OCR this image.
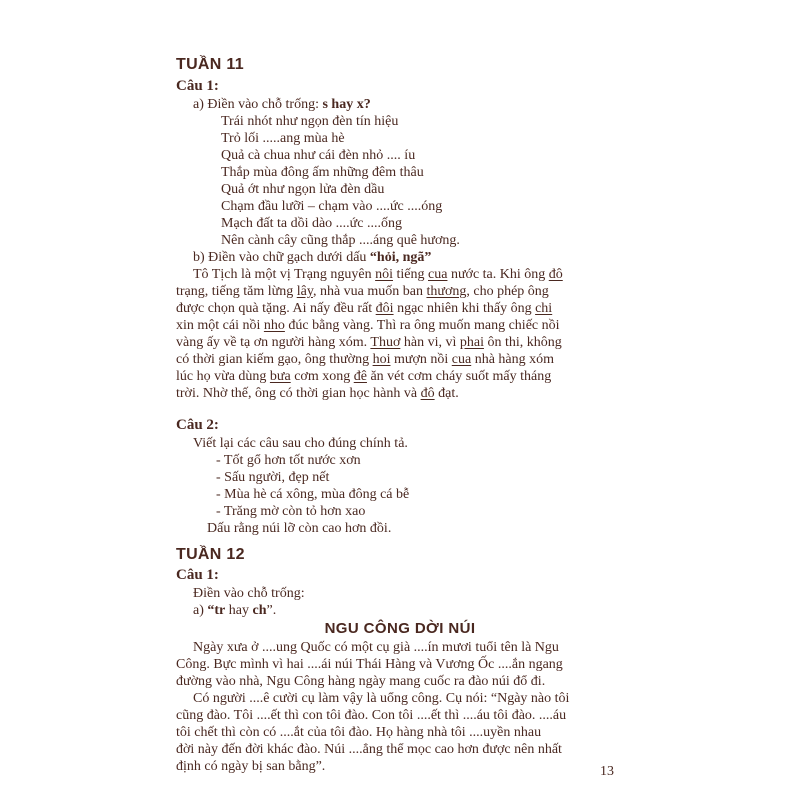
TUẦN 11
Câu 1:
a) Điền vào chỗ trống: s hay x?
Trái nhót như ngọn đèn tín hiệu
Trỏ lối .....ang mùa hè
Quả cà chua như cái đèn nhỏ .... íu
Thắp mùa đông ấm những đêm thâu
Quả ớt như ngọn lửa đèn dầu
Chạm đầu lưỡi – chạm vào ....ức ....óng
Mạch đất ta dồi dào ....ức ....ống
Nên cành cây cũng thắp ....áng quê hương.
b) Điền vào chữ gạch dưới dấu “hỏi, ngã”
Tô Tịch là một vị Trạng nguyên nôi tiếng cua nước ta. Khi ông đô
trạng, tiếng tăm lừng lây, nhà vua muốn ban thương, cho phép ông
được chọn quà tặng. Ai nấy đều rất đôi ngạc nhiên khi thấy ông chi
xin một cái nồi nho đúc bằng vàng. Thì ra ông muốn mang chiếc nồi
vàng ấy về tạ ơn người hàng xóm. Thuơ hàn vi, vì phai ôn thi, không
có thời gian kiếm gạo, ông thường hoi mượn nồi cua nhà hàng xóm
lúc họ vừa dùng bưa cơm xong đê ăn vét cơm cháy suốt mấy tháng
trời. Nhờ thế, ông có thời gian học hành và đô đạt.
Câu 2:
Viết lại các câu sau cho đúng chính tả.
- Tốt gổ hơn tốt nước xơn
- Sấu người, đẹp nết
- Mùa hè cá xông, mùa đông cá bễ
- Trăng mờ còn tỏ hơn xao
Dấu rằng núi lỡ còn cao hơn đồi.
TUẦN 12
Câu 1:
Điền vào chỗ trống:
a) “tr hay ch”.
NGU CÔNG DỜI NÚI
Ngày xưa ở ....ung Quốc có một cụ già ....ín mươi tuổi tên là Ngu
Công. Bực mình vì hai ....ái núi Thái Hàng và Vương Ốc ....ắn ngang
đường vào nhà, Ngu Công hàng ngày mang cuốc ra đào núi đổ đi.
Có người ....ê cười cụ làm vậy là uổng công. Cụ nói: “Ngày nào tôi
cũng đào. Tôi ....ết thì con tôi đào. Con tôi ....ết thì ....áu tôi đào. ....áu
tôi chết thì còn có ....ắt của tôi đào. Họ hàng nhà tôi ....uyền nhau
đời này đến đời khác đào. Núi ....ẳng thể mọc cao hơn được nên nhất
định có ngày bị san bằng”.	13
